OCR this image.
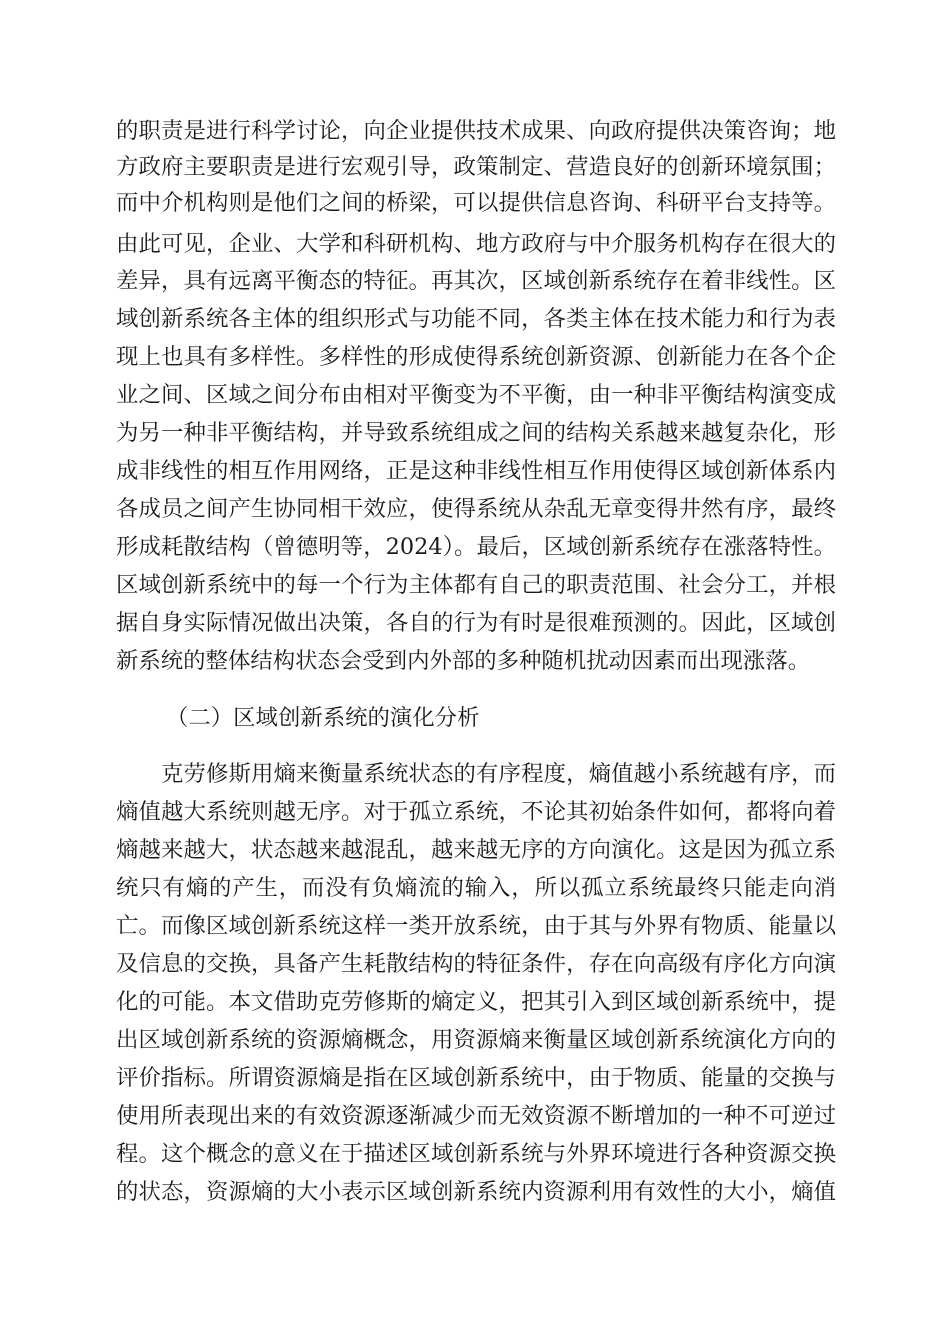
的职责是进行科学讨论，向企业提供技术成果、向政府提供决策咨询；地
方政府主要职责是进行宏观引导，政策制定、营造良好的创新环境氛围；
而中介机构则是他们之间的桥梁，可以提供信息咨询、科研平台支持等。
由此可见，企业、大学和科研机构、地方政府与中介服务机构存在很大的
差异，具有远离平衡态的特征。再其次，区域创新系统存在着非线性。区
域创新系统各主体的组织形式与功能不同，各类主体在技术能力和行为表
现上也具有多样性。多样性的形成使得系统创新资源、创新能力在各个企
业之间、区域之间分布由相对平衡变为不平衡，由一种非平衡结构演变成
为另一种非平衡结构，并导致系统组成之间的结构关系越来越复杂化，形
成非线性的相互作用网络，正是这种非线性相互作用使得区域创新体系内
各成员之间产生协同相干效应，使得系统从杂乱无章变得井然有序，最终
形成耗散结构（曾德明等，2024）。最后，区域创新系统存在涨落特性。
区域创新系统中的每一个行为主体都有自己的职责范围、社会分工，并根
据自身实际情况做出决策，各自的行为有时是很难预测的。因此，区域创
新系统的整体结构状态会受到内外部的多种随机扰动因素而出现涨落。
（二）区域创新系统的演化分析
　　克劳修斯用熵来衡量系统状态的有序程度，熵值越小系统越有序，而
熵值越大系统则越无序。对于孤立系统，不论其初始条件如何，都将向着
熵越来越大，状态越来越混乱，越来越无序的方向演化。这是因为孤立系
统只有熵的产生，而没有负熵流的输入，所以孤立系统最终只能走向消
亡。而像区域创新系统这样一类开放系统，由于其与外界有物质、能量以
及信息的交换，具备产生耗散结构的特征条件，存在向高级有序化方向演
化的可能。本文借助克劳修斯的熵定义，把其引入到区域创新系统中，提
出区域创新系统的资源熵概念，用资源熵来衡量区域创新系统演化方向的
评价指标。所谓资源熵是指在区域创新系统中，由于物质、能量的交换与
使用所表现出来的有效资源逐渐减少而无效资源不断增加的一种不可逆过
程。这个概念的意义在于描述区域创新系统与外界环境进行各种资源交换
的状态，资源熵的大小表示区域创新系统内资源利用有效性的大小，熵值
